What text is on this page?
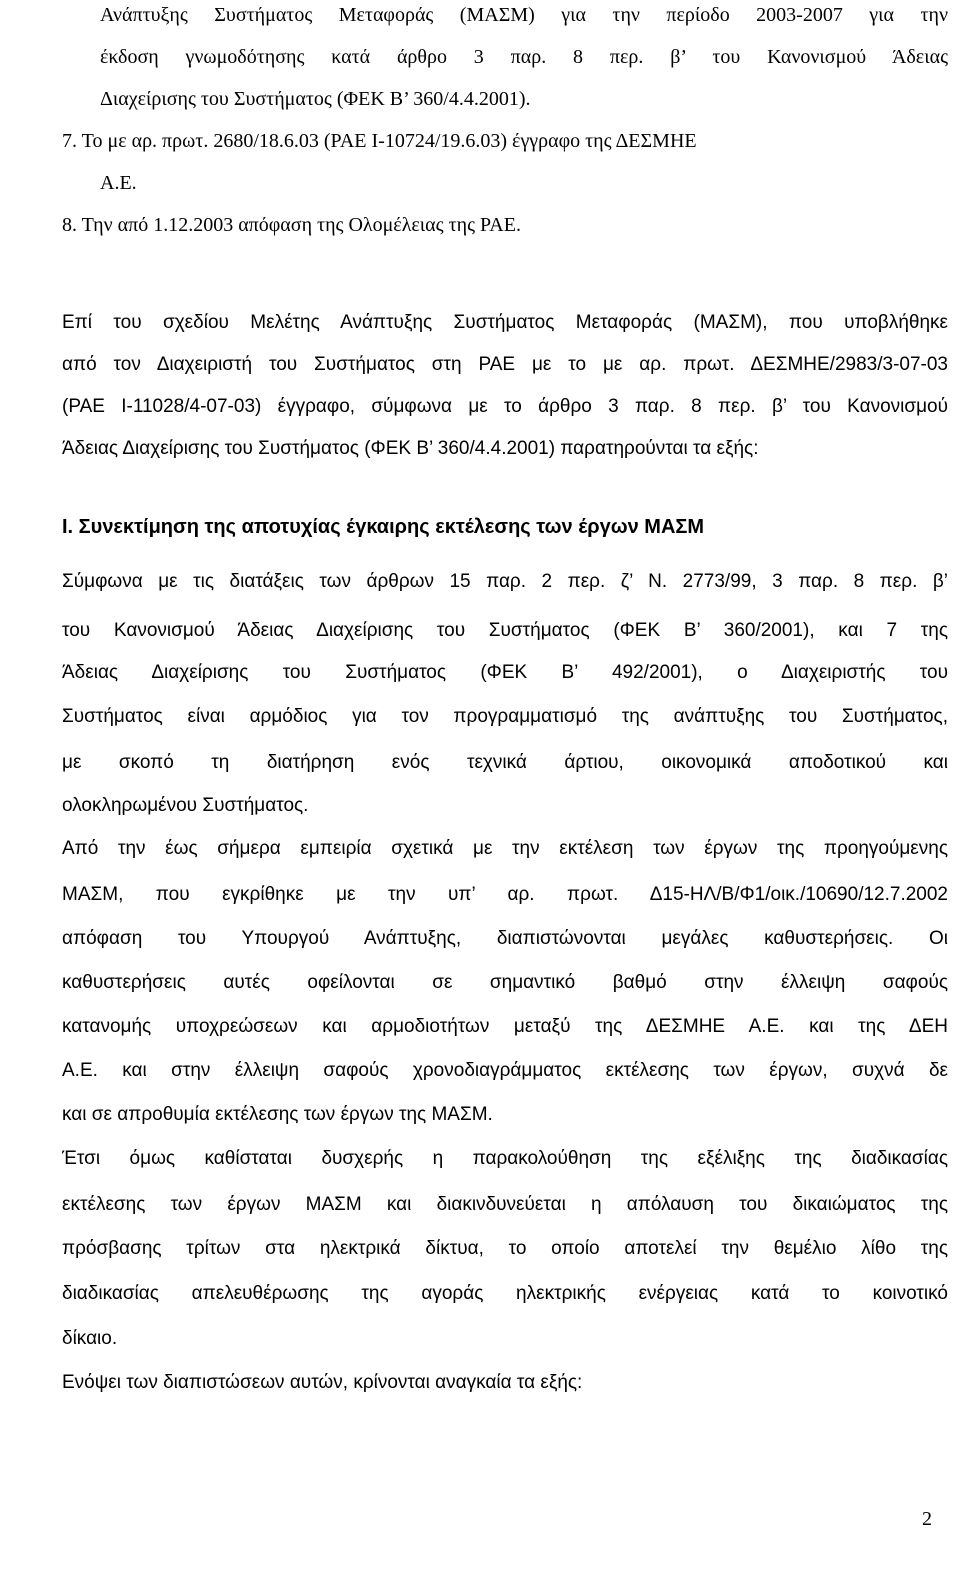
Ανάπτυξης Συστήματος Μεταφοράς (ΜΑΣΜ) για την περίοδο 2003-2007 για την
έκδοση γνωμοδότησης κατά άρθρο 3 παρ. 8 περ. β’ του Κανονισμού Άδειας
Διαχείρισης του Συστήματος (ΦΕΚ Β’ 360/4.4.2001).
7. Το με αρ. πρωτ. 2680/18.6.03 (ΡΑΕ Ι-10724/19.6.03) έγγραφο της ΔΕΣΜΗΕ
Α.Ε.
8. Την από 1.12.2003 απόφαση της Ολομέλειας της ΡΑΕ.
Επί του σχεδίου Μελέτης Ανάπτυξης Συστήματος Μεταφοράς (ΜΑΣΜ), που υποβλήθηκε
από τον Διαχειριστή του Συστήματος στη ΡΑΕ με το με αρ. πρωτ. ΔΕΣΜΗΕ/2983/3-07-03
(ΡΑΕ Ι-11028/4-07-03) έγγραφο, σύμφωνα με το άρθρο 3 παρ. 8 περ. β’ του Κανονισμού
Άδειας Διαχείρισης του Συστήματος (ΦΕΚ Β’ 360/4.4.2001) παρατηρούνται τα εξής:
Ι. Συνεκτίμηση της αποτυχίας έγκαιρης εκτέλεσης των έργων ΜΑΣΜ
Σύμφωνα με τις διατάξεις των άρθρων 15 παρ. 2 περ. ζ’ Ν. 2773/99, 3 παρ. 8 περ. β’
του Κανονισμού Άδειας Διαχείρισης του Συστήματος (ΦΕΚ Β’ 360/2001), και 7 της
Άδειας Διαχείρισης του Συστήματος (ΦΕΚ Β’ 492/2001), ο Διαχειριστής του
Συστήματος είναι αρμόδιος για τον προγραμματισμό της ανάπτυξης του Συστήματος,
με σκοπό τη διατήρηση ενός τεχνικά άρτιου, οικονομικά αποδοτικού και
ολοκληρωμένου Συστήματος.
Από την έως σήμερα εμπειρία σχετικά με την εκτέλεση των έργων της προηγούμενης
ΜΑΣΜ, που εγκρίθηκε με την υπ’ αρ. πρωτ. Δ15-ΗΛ/Β/Φ1/οικ./10690/12.7.2002
απόφαση του Υπουργού Ανάπτυξης, διαπιστώνονται μεγάλες καθυστερήσεις. Οι
καθυστερήσεις αυτές οφείλονται σε σημαντικό βαθμό στην έλλειψη σαφούς
κατανομής υποχρεώσεων και αρμοδιοτήτων μεταξύ της ΔΕΣΜΗΕ Α.Ε. και της ΔΕΗ
Α.Ε. και στην έλλειψη σαφούς χρονοδιαγράμματος εκτέλεσης των έργων, συχνά δε
και σε απροθυμία εκτέλεσης των έργων της ΜΑΣΜ.
Έτσι όμως καθίσταται δυσχερής η παρακολούθηση της εξέλιξης της διαδικασίας
εκτέλεσης των έργων ΜΑΣΜ και διακινδυνεύεται η απόλαυση του δικαιώματος της
πρόσβασης τρίτων στα ηλεκτρικά δίκτυα, το οποίο αποτελεί την θεμέλιο λίθο της
διαδικασίας απελευθέρωσης της αγοράς ηλεκτρικής ενέργειας κατά το κοινοτικό
δίκαιο.
Ενόψει των διαπιστώσεων αυτών, κρίνονται αναγκαία τα εξής:
2
